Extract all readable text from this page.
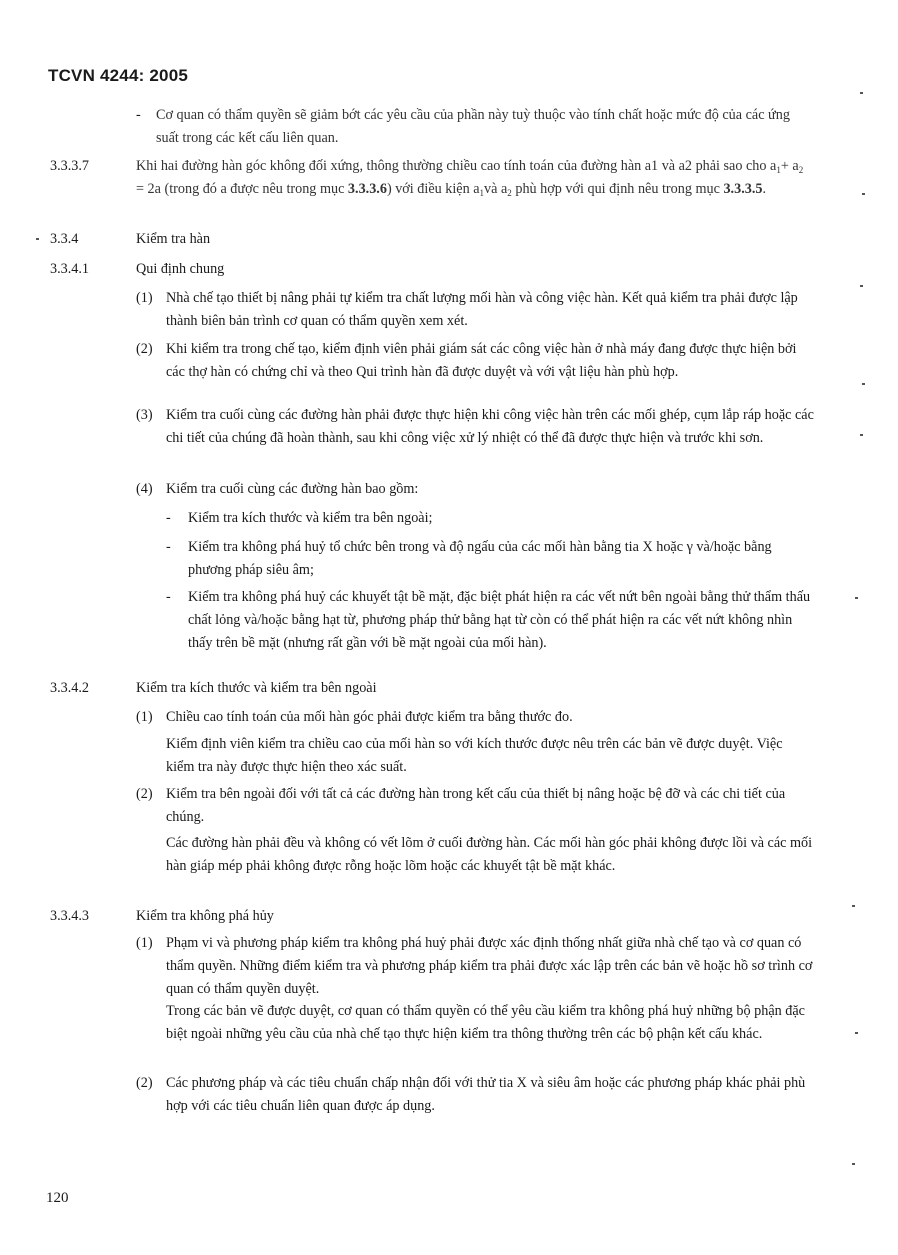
TCVN 4244: 2005
- Cơ quan có thẩm quyền sẽ giảm bớt các yêu cầu của phần này tuỳ thuộc vào tính chất hoặc mức độ của các ứng suất trong các kết cấu liên quan.
3.3.3.7	Khi hai đường hàn góc không đối xứng, thông thường chiều cao tính toán của đường hàn a1 và a2 phải sao cho $a_1+ a_2 = 2a$ (trong đó a được nêu trong mục 3.3.3.6) với điều kiện $a_1và$ $a_2$ phù hợp với qui định nêu trong mục 3.3.3.5.
3.3.4	Kiểm tra hàn
3.3.4.1	Qui định chung
(1) Nhà chế tạo thiết bị nâng phải tự kiểm tra chất lượng mối hàn và công việc hàn. Kết quả kiểm tra phải được lập thành biên bản trình cơ quan có thẩm quyền xem xét.
(2) Khi kiểm tra trong chế tạo, kiểm định viên phải giám sát các công việc hàn ở nhà máy đang được thực hiện bởi các thợ hàn có chứng chỉ và theo Qui trình hàn đã được duyệt và với vật liệu hàn phù hợp.
(3) Kiểm tra cuối cùng các đường hàn phải được thực hiện khi công việc hàn trên các mối ghép, cụm lắp ráp hoặc các chi tiết của chúng đã hoàn thành, sau khi công việc xử lý nhiệt có thể đã được thực hiện và trước khi sơn.
(4) Kiểm tra cuối cùng các đường hàn bao gồm:
- Kiểm tra kích thước và kiểm tra bên ngoài;
- Kiểm tra không phá huỷ tổ chức bên trong và độ ngấu của các mối hàn bằng tia X hoặc γ và/hoặc bằng phương pháp siêu âm;
- Kiểm tra không phá huỷ các khuyết tật bề mặt, đặc biệt phát hiện ra các vết nứt bên ngoài bằng thử thẩm thấu chất lỏng và/hoặc bằng hạt từ, phương pháp thử bằng hạt từ còn có thể phát hiện ra các vết nứt không nhìn thấy trên bề mặt (nhưng rất gần với bề mặt ngoài của mối hàn).
3.3.4.2	Kiểm tra kích thước và kiểm tra bên ngoài
(1) Chiều cao tính toán của mối hàn góc phải được kiểm tra bằng thước đo.
Kiểm định viên kiểm tra chiều cao của mối hàn so với kích thước được nêu trên các bản vẽ được duyệt. Việc kiểm tra này được thực hiện theo xác suất.
(2) Kiểm tra bên ngoài đối với tất cả các đường hàn trong kết cấu của thiết bị nâng hoặc bệ đỡ và các chi tiết của chúng.
Các đường hàn phải đều và không có vết lõm ở cuối đường hàn. Các mối hàn góc phải không được lồi và các mối hàn giáp mép phải không được rỗng hoặc lõm hoặc các khuyết tật bề mặt khác.
3.3.4.3	Kiểm tra không phá hủy
(1) Phạm vi và phương pháp kiểm tra không phá huỷ phải được xác định thống nhất giữa nhà chế tạo và cơ quan có thẩm quyền. Những điểm kiểm tra và phương pháp kiểm tra phải được xác lập trên các bản vẽ hoặc hồ sơ trình cơ quan có thẩm quyền duyệt.
Trong các bản vẽ được duyệt, cơ quan có thẩm quyền có thể yêu cầu kiểm tra không phá huỷ những bộ phận đặc biệt ngoài những yêu cầu của nhà chế tạo thực hiện kiểm tra thông thường trên các bộ phận kết cấu khác.
(2) Các phương pháp và các tiêu chuẩn chấp nhận đối với thử tia X và siêu âm hoặc các phương pháp khác phải phù hợp với các tiêu chuẩn liên quan được áp dụng.
120
